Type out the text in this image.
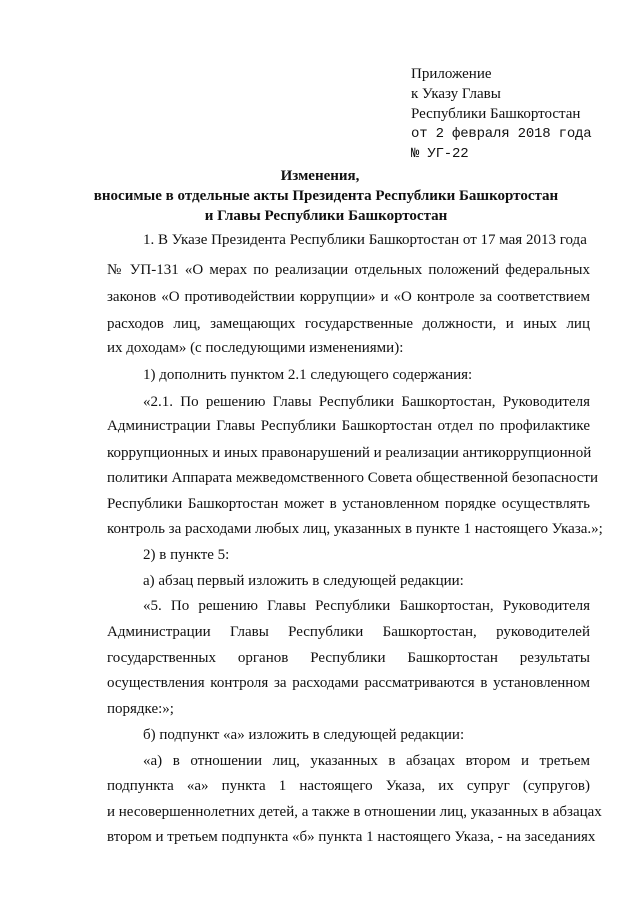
Приложение
к Указу Главы
Республики Башкортостан
от 2 февраля 2018 года
№ УГ-22
Изменения,
вносимые в отдельные акты Президента Республики Башкортостан
и Главы Республики Башкортостан
1. В Указе Президента Республики Башкортостан от 17 мая 2013 года
№ УП-131 «О мерах по реализации отдельных положений федеральных
законов «О противодействии коррупции» и «О контроле за соответствием
расходов лиц, замещающих государственные должности, и иных лиц
их доходам» (с последующими изменениями):
1) дополнить пунктом 2.1 следующего содержания:
«2.1. По решению Главы Республики Башкортостан, Руководителя
Администрации Главы Республики Башкортостан отдел по профилактике
коррупционных и иных правонарушений и реализации антикоррупционной
политики Аппарата межведомственного Совета общественной безопасности
Республики Башкортостан может в установленном порядке осуществлять
контроль за расходами любых лиц, указанных в пункте 1 настоящего Указа.»;
2) в пункте 5:
а) абзац первый изложить в следующей редакции:
«5. По решению Главы Республики Башкортостан, Руководителя
Администрации Главы Республики Башкортостан, руководителей
государственных органов Республики Башкортостан результаты
осуществления контроля за расходами рассматриваются в установленном
порядке:»;
б) подпункт «а» изложить в следующей редакции:
«а) в отношении лиц, указанных в абзацах втором и третьем
подпункта «а» пункта 1 настоящего Указа, их супруг (супругов)
и несовершеннолетних детей, а также в отношении лиц, указанных в абзацах
втором и третьем подпункта «б» пункта 1 настоящего Указа, - на заседаниях
